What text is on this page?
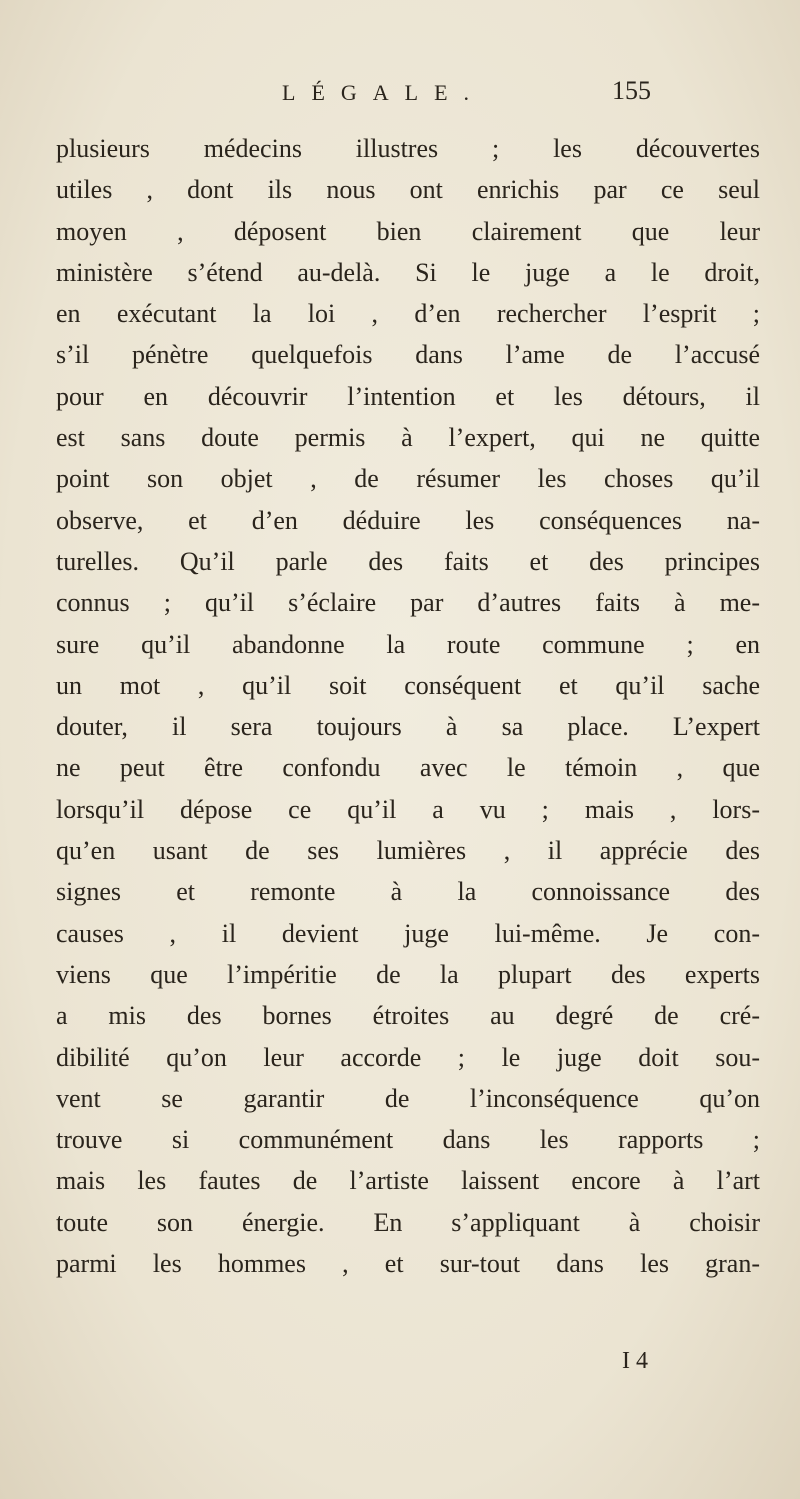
LÉGALE.	155
plusieurs médecins illustres ; les découvertes
utiles , dont ils nous ont enrichis par ce seul
moyen , déposent bien clairement que leur
ministère s’étend au-delà. Si le juge a le droit,
en exécutant la loi , d’en rechercher l’esprit ;
s’il pénètre quelquefois dans l’ame de l’accusé
pour en découvrir l’intention et les détours, il
est sans doute permis à l’expert, qui ne quitte
point son objet , de résumer les choses qu’il
observe, et d’en déduire les conséquences na-
turelles. Qu’il parle des faits et des principes
connus ; qu’il s’éclaire par d’autres faits à me-
sure qu’il abandonne la route commune ; en
un mot , qu’il soit conséquent et qu’il sache
douter, il sera toujours à sa place. L’expert
ne peut être confondu avec le témoin , que
lorsqu’il dépose ce qu’il a vu ; mais , lors-
qu’en usant de ses lumières , il apprécie des
signes et remonte à la connoissance des
causes , il devient juge lui-même. Je con-
viens que l’impéritie de la plupart des experts
a mis des bornes étroites au degré de cré-
dibilité qu’on leur accorde ; le juge doit sou-
vent se garantir de l’inconséquence qu’on
trouve si communément dans les rapports ;
mais les fautes de l’artiste laissent encore à l’art
toute son énergie. En s’appliquant à choisir
parmi les hommes , et sur-tout dans les gran-
I 4
